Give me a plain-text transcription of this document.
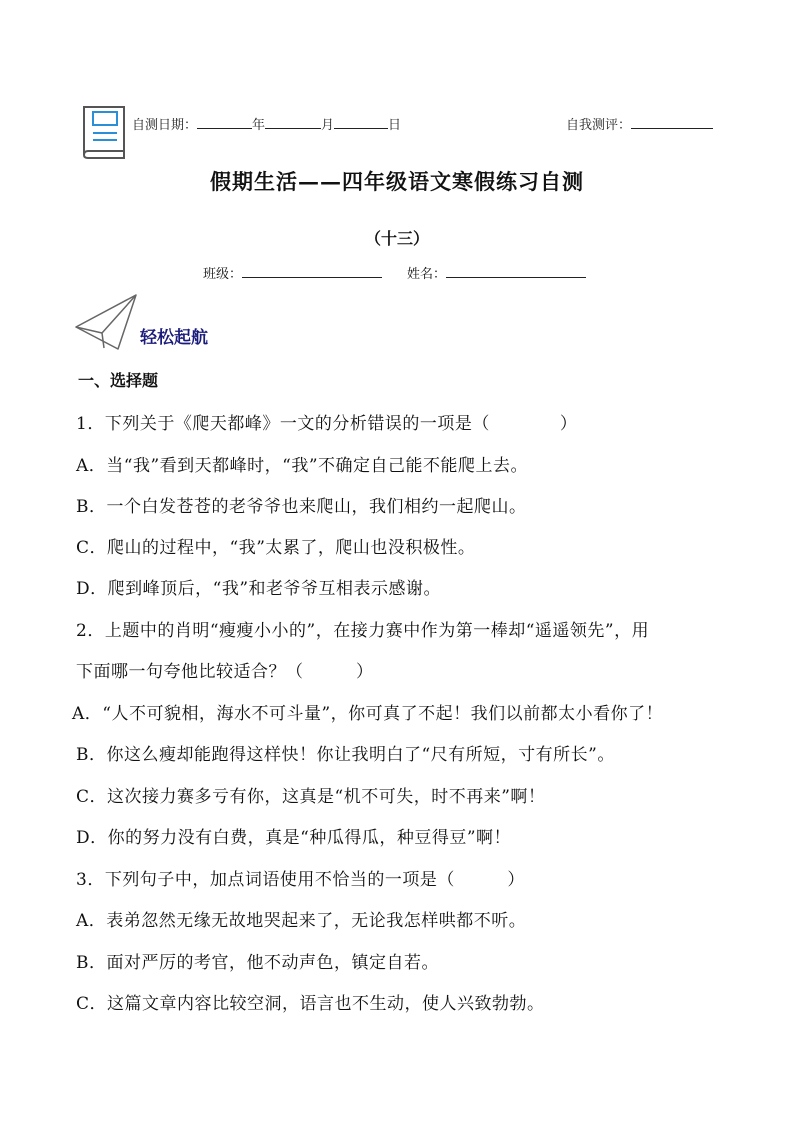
自测日期：	年	月	日	自我测评：
假期生活——四年级语文寒假练习自测
（十三）
班级：	姓名：
轻松起航
一、选择题
1．下列关于《爬天都峰》一文的分析错误的一项是（　　　　）
A．当“我”看到天都峰时，“我”不确定自己能不能爬上去。
B．一个白发苍苍的老爷爷也来爬山，我们相约一起爬山。
C．爬山的过程中，“我”太累了，爬山也没积极性。
D．爬到峰顶后，“我”和老爷爷互相表示感谢。
2．上题中的肖明“瘦瘦小小的”，在接力赛中作为第一棒却“遥遥领先”，用
下面哪一句夸他比较适合？（　　　）
A．“人不可貌相，海水不可斗量”，你可真了不起！我们以前都太小看你了！
B．你这么瘦却能跑得这样快！你让我明白了“尺有所短，寸有所长”。
C．这次接力赛多亏有你，这真是“机不可失，时不再来”啊！
D．你的努力没有白费，真是“种瓜得瓜，种豆得豆”啊！
3．下列句子中，加点词语使用不恰当的一项是（　　　）
A．表弟忽然无缘无故地哭起来了，无论我怎样哄都不听。
B．面对严厉的考官，他不动声色，镇定自若。
C．这篇文章内容比较空洞，语言也不生动，使人兴致勃勃。
